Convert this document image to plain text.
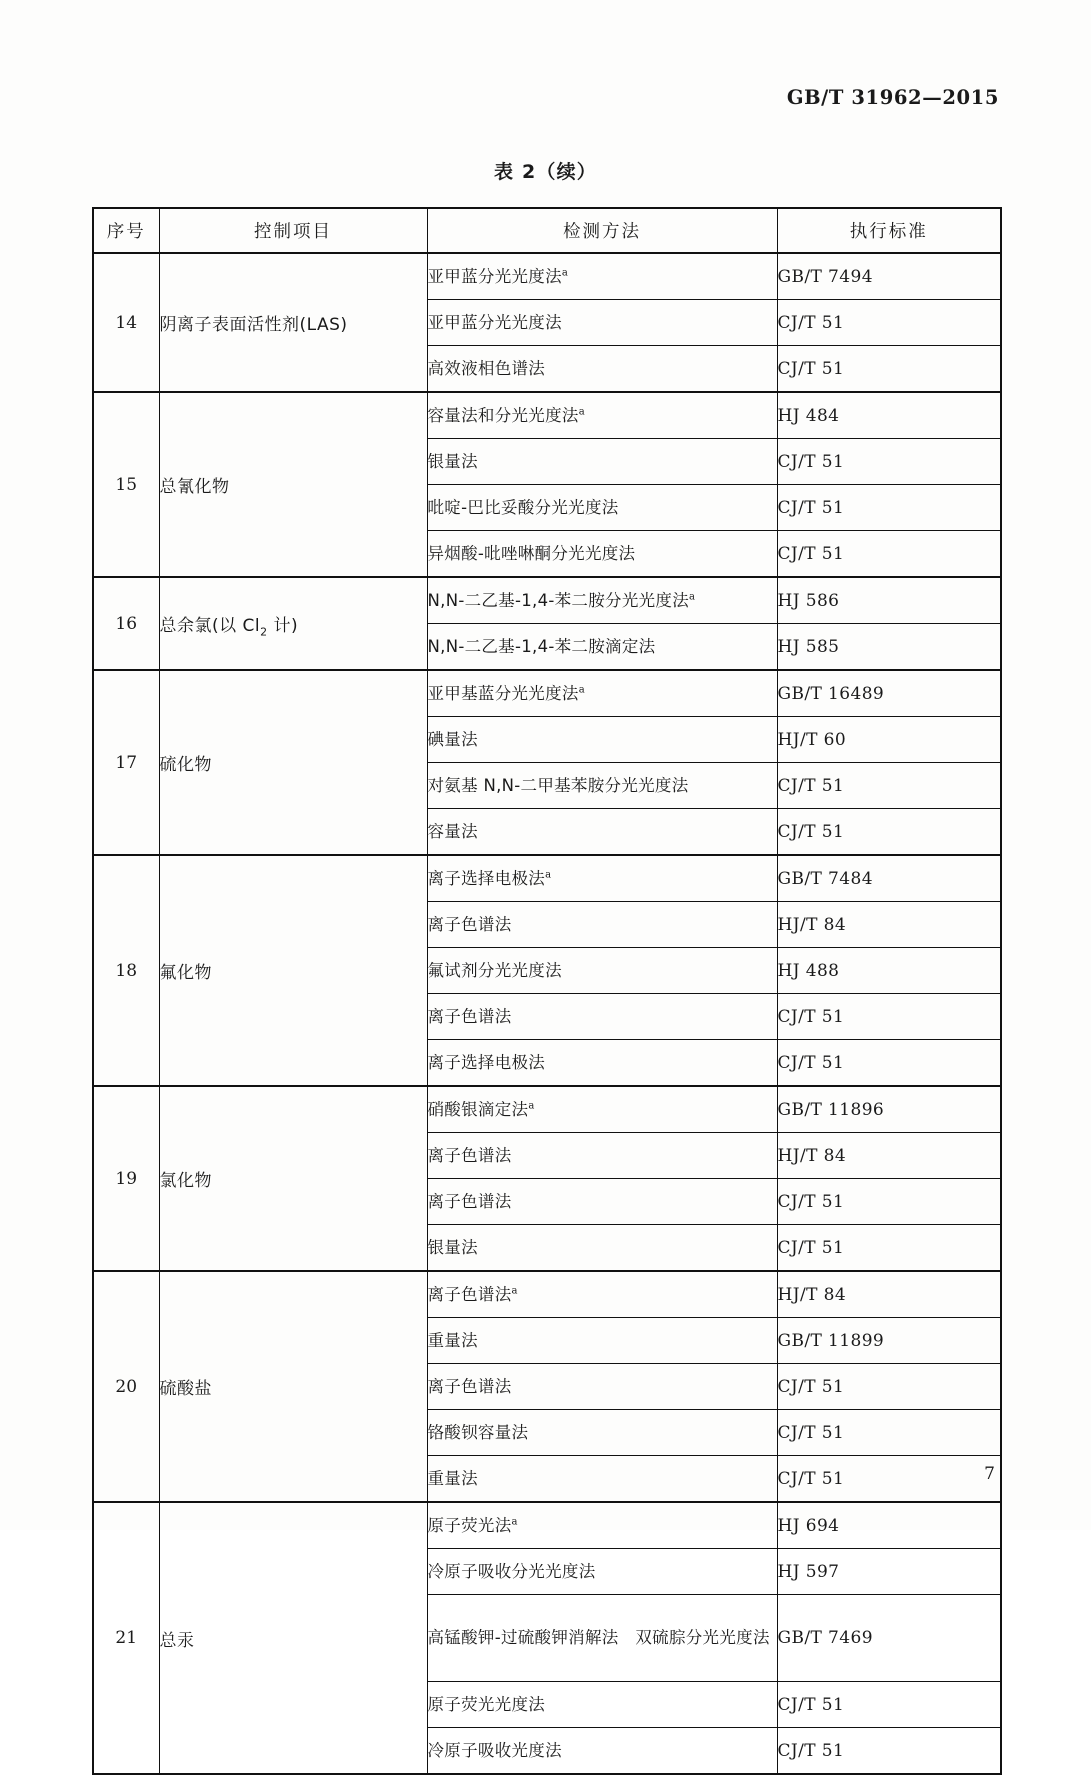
GB/T 31962—2015
表 2（续）
序号	控制项目	检测方法	执行标准
14	阴离子表面活性剂(LAS)	亚甲蓝分光光度法$^a$	GB/T 7494
		亚甲蓝分光光度法	CJ/T 51
		高效液相色谱法	CJ/T 51
15	总氰化物	容量法和分光光度法$^a$	HJ 484
		银量法	CJ/T 51
		吡啶-巴比妥酸分光光度法	CJ/T 51
		异烟酸-吡唑啉酮分光光度法	CJ/T 51
16	总余氯(以 $Cl_2$ 计)	N,N-二乙基-1,4-苯二胺分光光度法$^a$	HJ 586
		N,N-二乙基-1,4-苯二胺滴定法	HJ 585
17	硫化物	亚甲基蓝分光光度法$^a$	GB/T 16489
		碘量法	HJ/T 60
		对氨基 N,N-二甲基苯胺分光光度法	CJ/T 51
		容量法	CJ/T 51
18	氟化物	离子选择电极法$^a$	GB/T 7484
		离子色谱法	HJ/T 84
		氟试剂分光光度法	HJ 488
		离子色谱法	CJ/T 51
		离子选择电极法	CJ/T 51
19	氯化物	硝酸银滴定法$^a$	GB/T 11896
		离子色谱法	HJ/T 84
		离子色谱法	CJ/T 51
		银量法	CJ/T 51
20	硫酸盐	离子色谱法$^a$	HJ/T 84
		重量法	GB/T 11899
		离子色谱法	CJ/T 51
		铬酸钡容量法	CJ/T 51
		重量法	CJ/T 51
21	总汞	原子荧光法$^a$	HJ 694
		冷原子吸收分光光度法	HJ 597
		高锰酸钾-过硫酸钾消解法　双硫腙分光光度法	GB/T 7469
		原子荧光光度法	CJ/T 51
		冷原子吸收光度法	CJ/T 51
7
